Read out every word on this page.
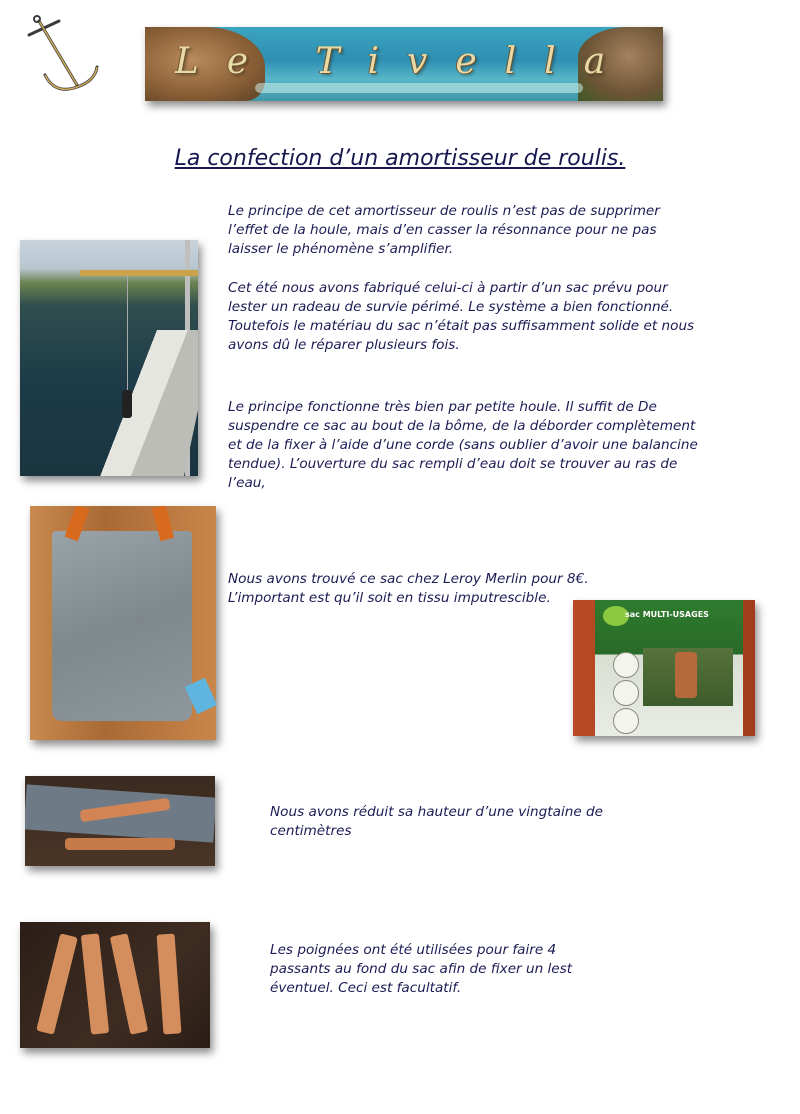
Le Tivella
La confection d’un amortisseur de roulis.

Le principe de cet amortisseur de roulis n’est pas de supprimer l’effet de la houle, mais d’en casser la résonnance pour ne pas laisser le phénomène s’amplifier.

Cet été nous avons fabriqué celui-ci à partir d’un sac prévu pour lester un radeau de survie périmé. Le système a bien fonctionné. Toutefois le matériau du sac n’était pas suffisamment solide et nous avons dû le réparer plusieurs fois.

Le principe fonctionne très bien par petite houle. Il suffit de De suspendre ce sac au bout de la bôme, de la déborder complètement et de la fixer à l’aide d’une corde (sans oublier d’avoir une balancine tendue). L’ouverture du sac rempli d’eau doit se trouver au ras de l’eau,

Nous avons trouvé ce sac chez Leroy Merlin pour 8€. L’important est qu’il soit en tissu imputrescible.

Nous avons réduit sa hauteur d’une vingtaine de centimètres

Les poignées ont été utilisées pour faire 4 passants au fond du sac afin de fixer un lest éventuel. Ceci est facultatif.

sac MULTI-USAGES
